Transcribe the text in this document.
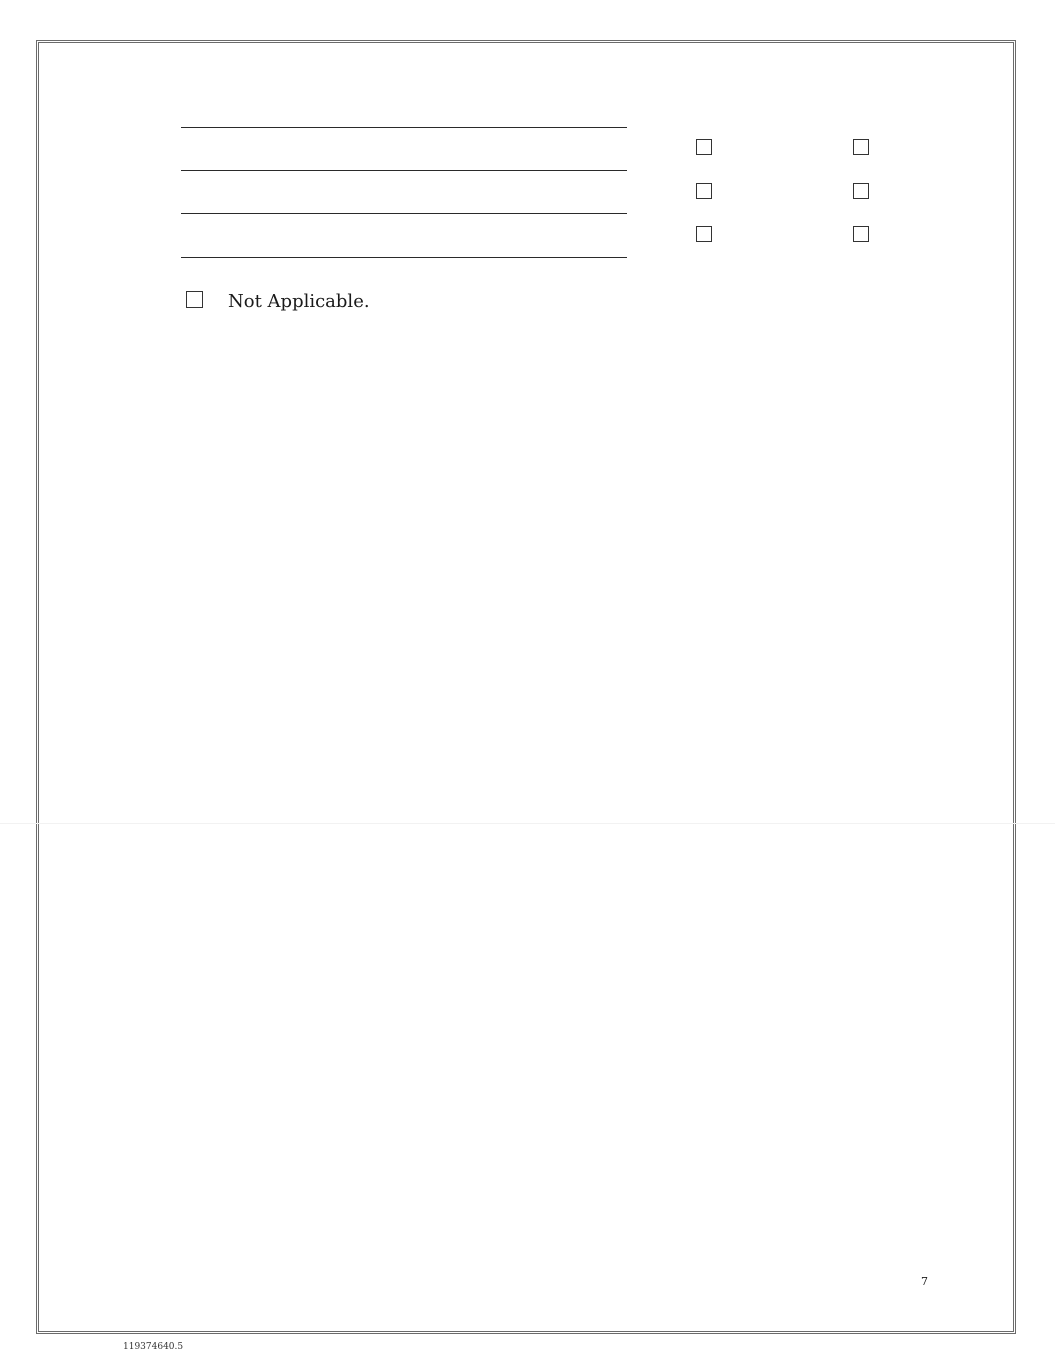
Not Applicable.
7
119374640.5
